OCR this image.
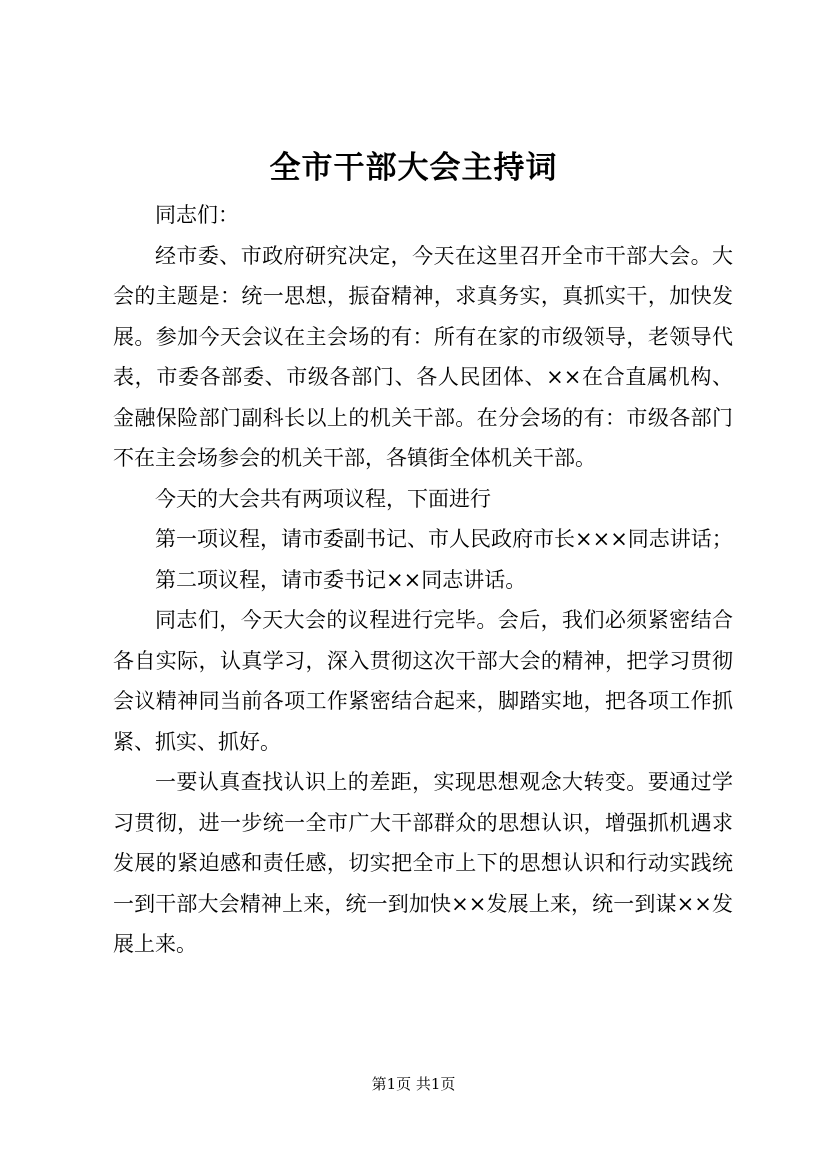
全市干部大会主持词

同志们：

经市委、市政府研究决定，今天在这里召开全市干部大会。大会的主题是：统一思想，振奋精神，求真务实，真抓实干，加快发展。参加今天会议在主会场的有：所有在家的市级领导，老领导代表，市委各部委、市级各部门、各人民团体、××在合直属机构、金融保险部门副科长以上的机关干部。在分会场的有：市级各部门不在主会场参会的机关干部，各镇街全体机关干部。

今天的大会共有两项议程，下面进行

第一项议程，请市委副书记、市人民政府市长×××同志讲话；

第二项议程，请市委书记××同志讲话。

同志们，今天大会的议程进行完毕。会后，我们必须紧密结合各自实际，认真学习，深入贯彻这次干部大会的精神，把学习贯彻会议精神同当前各项工作紧密结合起来，脚踏实地，把各项工作抓紧、抓实、抓好。

一要认真查找认识上的差距，实现思想观念大转变。要通过学习贯彻，进一步统一全市广大干部群众的思想认识，增强抓机遇求发展的紧迫感和责任感，切实把全市上下的思想认识和行动实践统一到干部大会精神上来，统一到加快××发展上来，统一到谋××发展上来。

第1页 共1页
